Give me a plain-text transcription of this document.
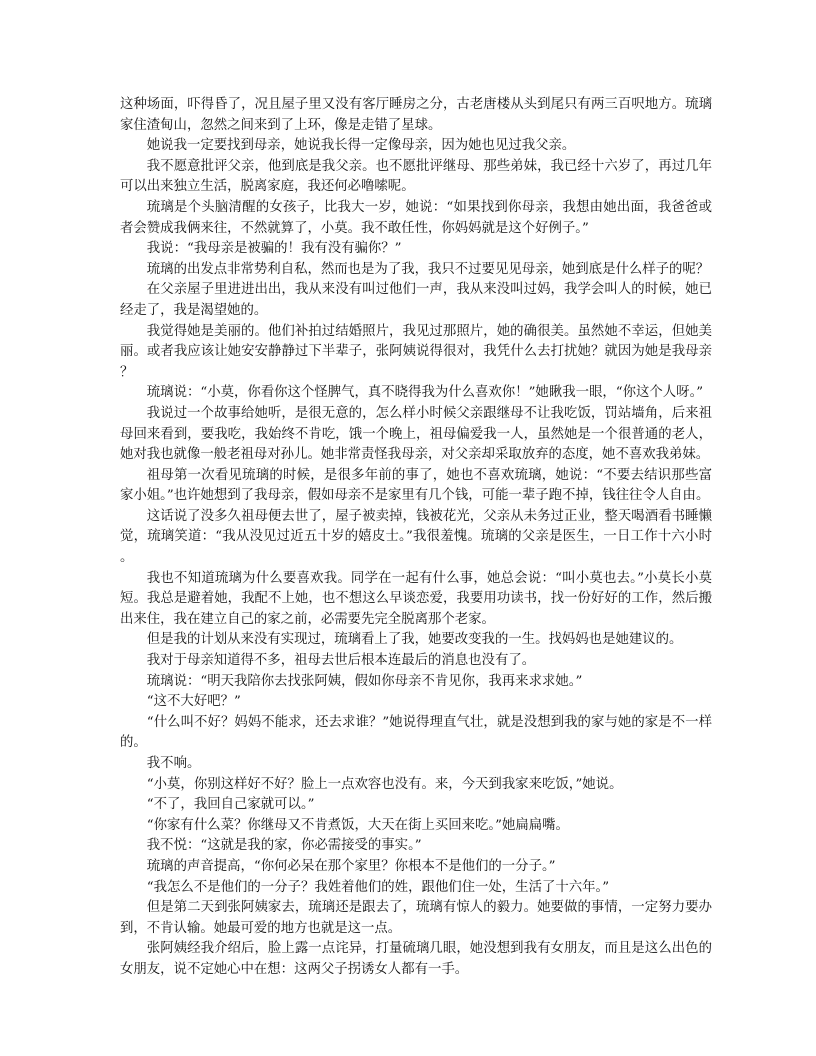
这种场面，吓得昏了，况且屋子里又没有客厅睡房之分，古老唐楼从头到尾只有两三百呎地方。琉璃家住渣甸山，忽然之间来到了上环，像是走错了星球。

她说我一定要找到母亲，她说我长得一定像母亲，因为她也见过我父亲。

我不愿意批评父亲，他到底是我父亲。也不愿批评继母、那些弟妹，我已经十六岁了，再过几年可以出来独立生活，脱离家庭，我还何必噜嗦呢。

琉璃是个头脑清醒的女孩子，比我大一岁，她说：“如果找到你母亲，我想由她出面，我爸爸或者会赞成我俩来往，不然就算了，小莫。我不敢任性，你妈妈就是这个好例子。”

我说：“我母亲是被骗的！我有没有骗你？”

琉璃的出发点非常势利自私，然而也是为了我，我只不过要见见母亲，她到底是什么样子的呢？

在父亲屋子里进进出出，我从来没有叫过他们一声，我从来没叫过妈，我学会叫人的时候，她已经走了，我是渴望她的。

我觉得她是美丽的。他们补拍过结婚照片，我见过那照片，她的确很美。虽然她不幸运，但她美丽。或者我应该让她安安静静过下半辈子，张阿姨说得很对，我凭什么去打扰她？就因为她是我母亲？

琉璃说：“小莫，你看你这个怪脾气，真不晓得我为什么喜欢你！”她瞅我一眼，“你这个人呀。”

我说过一个故事给她听，是很无意的，怎么样小时候父亲跟继母不让我吃饭，罚站墙角，后来祖母回来看到，要我吃，我始终不肯吃，饿一个晚上，祖母偏爱我一人，虽然她是一个很普通的老人，她对我也就像一般老祖母对孙儿。她非常责怪我母亲，对父亲却采取放弃的态度，她不喜欢我弟妹。

祖母第一次看见琉璃的时候，是很多年前的事了，她也不喜欢琉璃，她说：“不要去结识那些富家小姐。”也许她想到了我母亲，假如母亲不是家里有几个钱，可能一辈子跑不掉，钱往往令人自由。

这话说了没多久祖母便去世了，屋子被卖掉，钱被花光，父亲从未务过正业，整天喝酒看书睡懒觉，琉璃笑道：“我从没见过近五十岁的嬉皮士。”我很羞愧。琉璃的父亲是医生，一日工作十六小时。

我也不知道琉璃为什么要喜欢我。同学在一起有什么事，她总会说：“叫小莫也去。”小莫长小莫短。我总是避着她，我配不上她，也不想这么早谈恋爱，我要用功读书，找一份好好的工作，然后搬出来住，我在建立自己的家之前，必需要先完全脱离那个老家。

但是我的计划从来没有实现过，琉璃看上了我，她要改变我的一生。找妈妈也是她建议的。

我对于母亲知道得不多，祖母去世后根本连最后的消息也没有了。

琉璃说：“明天我陪你去找张阿姨，假如你母亲不肯见你，我再来求求她。”

“这不大好吧？”

“什么叫不好？妈妈不能求，还去求谁？”她说得理直气壮，就是没想到我的家与她的家是不一样的。

我不响。

“小莫，你别这样好不好？脸上一点欢容也没有。来，今天到我家来吃饭，”她说。

“不了，我回自己家就可以。”

“你家有什么菜？你继母又不肯煮饭，大天在街上买回来吃。”她扁扁嘴。

我不悦：“这就是我的家，你必需接受的事实。”

琉璃的声音提高，“你何必呆在那个家里？你根本不是他们的一分子。”

“我怎么不是他们的一分子？我姓着他们的姓，跟他们住一处，生活了十六年。”

但是第二天到张阿姨家去，琉璃还是跟去了，琉璃有惊人的毅力。她要做的事情，一定努力要办到，不肯认输。她最可爱的地方也就是这一点。

张阿姨经我介绍后，脸上露一点诧异，打量硫璃几眼，她没想到我有女朋友，而且是这么出色的女朋友，说不定她心中在想：这两父子拐诱女人都有一手。
